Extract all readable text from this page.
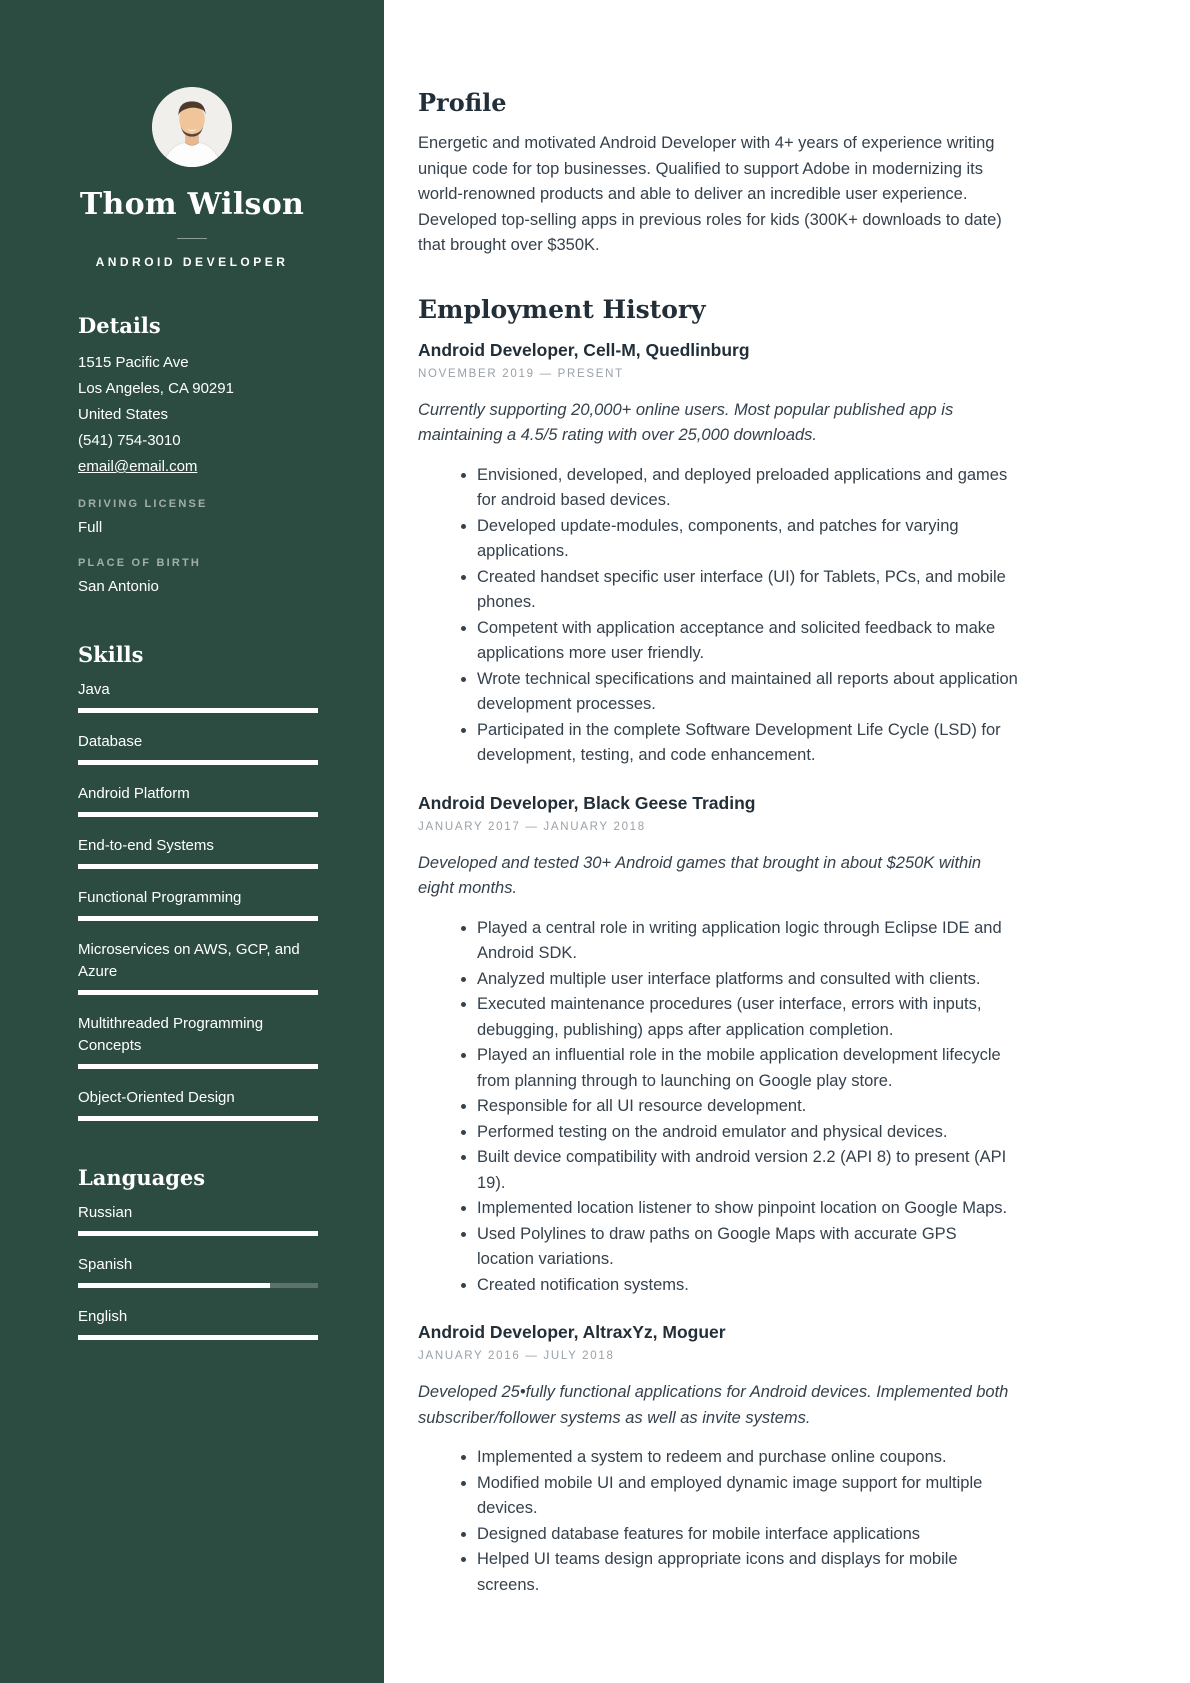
Thom Wilson

ANDROID DEVELOPER

Details

1515 Pacific Ave

Los Angeles, CA 90291

United States

(541) 754-3010

email@email.com

DRIVING LICENSE

Full

PLACE OF BIRTH

San Antonio

Skills

Java

Database

Android Platform

End-to-end Systems

Functional Programming

Microservices on AWS, GCP, and Azure

Multithreaded Programming Concepts

Object-Oriented Design

Languages

Russian

Spanish

English

Profile

Energetic and motivated Android Developer with 4+ years of experience writing unique code for top businesses. Qualified to support Adobe in modernizing its world-renowned products and able to deliver an incredible user experience. Developed top-selling apps in previous roles for kids (300K+ downloads to date) that brought over $350K.

Employment History
Android Developer, Cell-M, Quedlinburg

NOVEMBER 2019 — PRESENT

Currently supporting 20,000+ online users. Most popular published app is maintaining a 4.5/5 rating with over 25,000 downloads.

• Envisioned, developed, and deployed preloaded applications and games for android based devices.
• Developed update-modules, components, and patches for varying applications.
• Created handset specific user interface (UI) for Tablets, PCs, and mobile phones.
• Competent with application acceptance and solicited feedback to make applications more user friendly.
• Wrote technical specifications and maintained all reports about application development processes.
• Participated in the complete Software Development Life Cycle (LSD) for development, testing, and code enhancement.
Android Developer, Black Geese Trading

JANUARY 2017 — JANUARY 2018

Developed and tested 30+ Android games that brought in about $250K within eight months.

• Played a central role in writing application logic through Eclipse IDE and Android SDK.
• Analyzed multiple user interface platforms and consulted with clients.
• Executed maintenance procedures (user interface, errors with inputs, debugging, publishing) apps after application completion.
• Played an influential role in the mobile application development lifecycle from planning through to launching on Google play store.
• Responsible for all UI resource development.
• Performed testing on the android emulator and physical devices.
• Built device compatibility with android version 2.2 (API 8) to present (API 19).
• Implemented location listener to show pinpoint location on Google Maps.
• Used Polylines to draw paths on Google Maps with accurate GPS location variations.
• Created notification systems.
Android Developer, AltraxYz, Moguer

JANUARY 2016 — JULY 2018

Developed 25•fully functional applications for Android devices. Implemented both subscriber/follower systems as well as invite systems.

• Implemented a system to redeem and purchase online coupons.
• Modified mobile UI and employed dynamic image support for multiple devices.
• Designed database features for mobile interface applications
• Helped UI teams design appropriate icons and displays for mobile screens.
